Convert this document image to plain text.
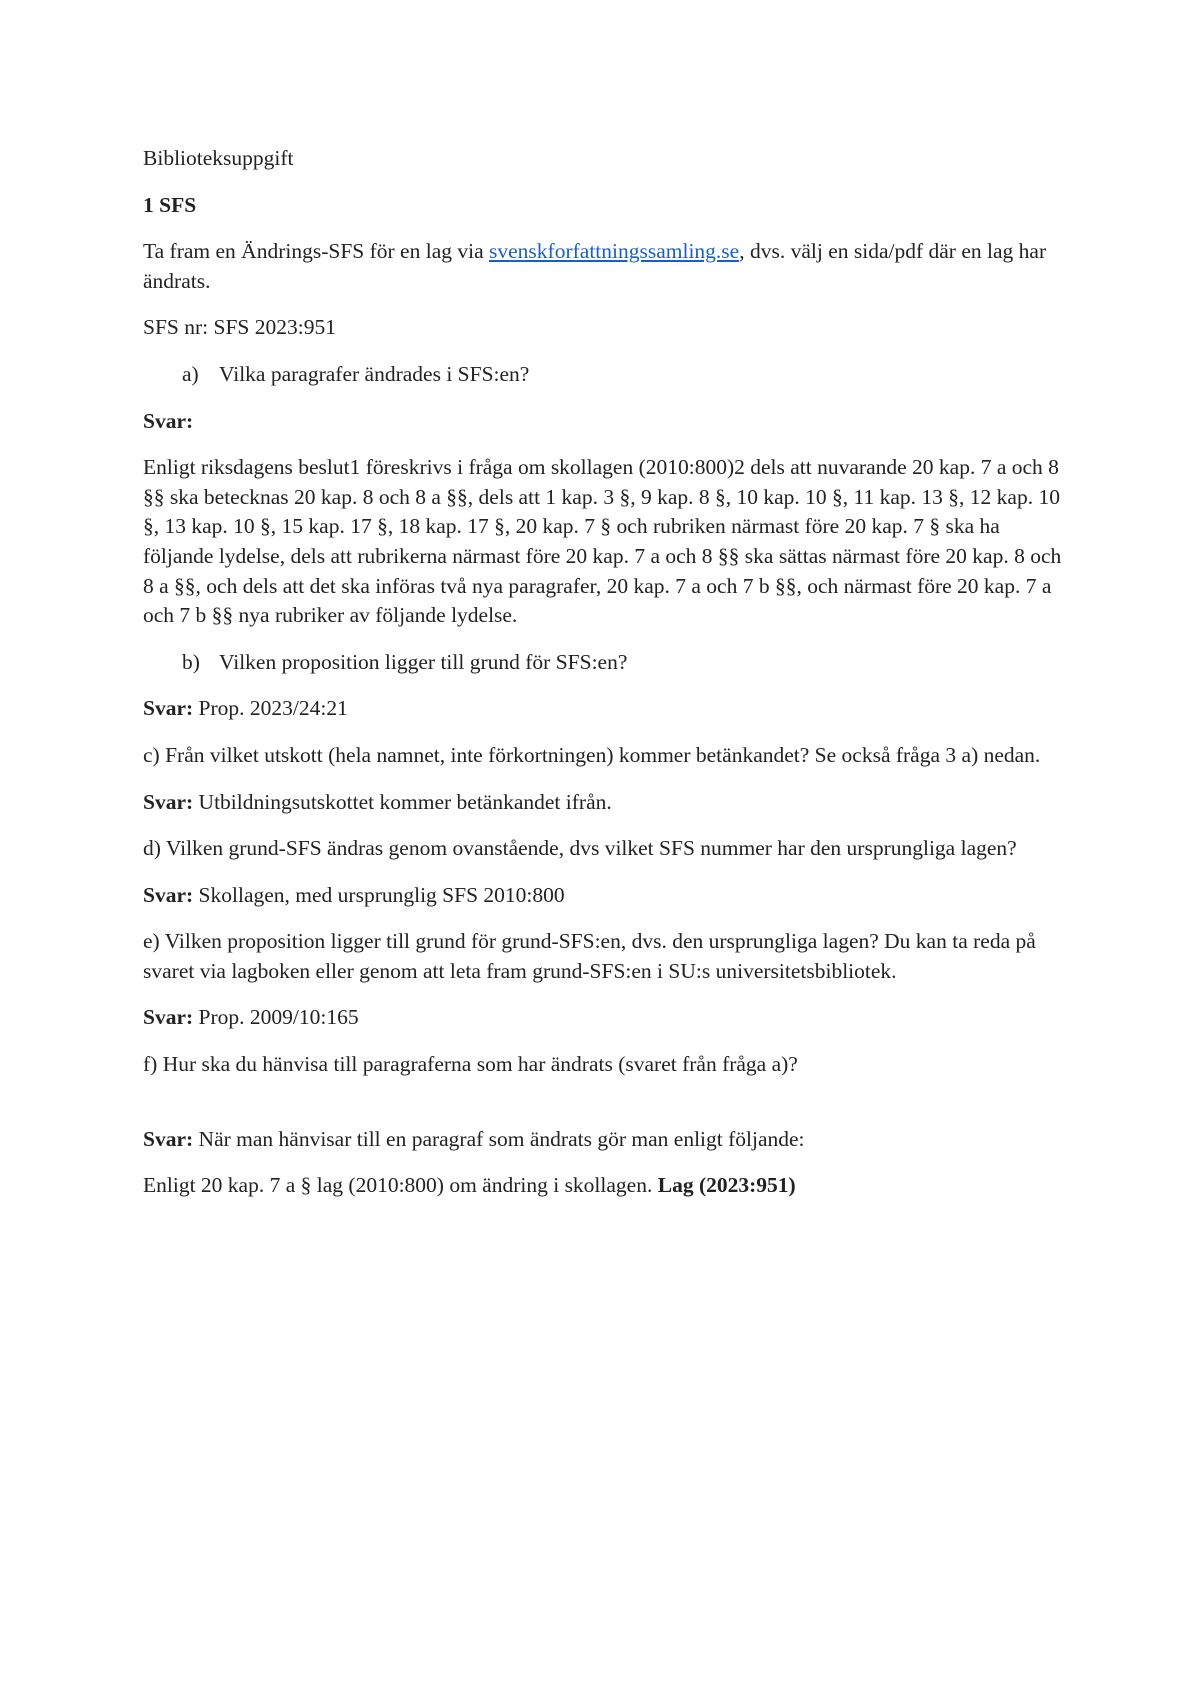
Biblioteksuppgift

1 SFS

Ta fram en Ändrings-SFS för en lag via svenskforfattningssamling.se, dvs. välj en sida/pdf där en lag har ändrats.

SFS nr: SFS 2023:951

a) Vilka paragrafer ändrades i SFS:en?

Svar:

Enligt riksdagens beslut1 föreskrivs i fråga om skollagen (2010:800)2 dels att nuvarande 20 kap. 7 a och 8 §§ ska betecknas 20 kap. 8 och 8 a §§, dels att 1 kap. 3 §, 9 kap. 8 §, 10 kap. 10 §, 11 kap. 13 §, 12 kap. 10 §, 13 kap. 10 §, 15 kap. 17 §, 18 kap. 17 §, 20 kap. 7 § och rubriken närmast före 20 kap. 7 § ska ha följande lydelse, dels att rubrikerna närmast före 20 kap. 7 a och 8 §§ ska sättas närmast före 20 kap. 8 och 8 a §§, och dels att det ska införas två nya paragrafer, 20 kap. 7 a och 7 b §§, och närmast före 20 kap. 7 a och 7 b §§ nya rubriker av följande lydelse.

b) Vilken proposition ligger till grund för SFS:en?

Svar: Prop. 2023/24:21

c) Från vilket utskott (hela namnet, inte förkortningen) kommer betänkandet? Se också fråga 3 a) nedan.

Svar: Utbildningsutskottet kommer betänkandet ifrån.

d) Vilken grund-SFS ändras genom ovanstående, dvs vilket SFS nummer har den ursprungliga lagen?

Svar: Skollagen, med ursprunglig SFS 2010:800

e) Vilken proposition ligger till grund för grund-SFS:en, dvs. den ursprungliga lagen? Du kan ta reda på svaret via lagboken eller genom att leta fram grund-SFS:en i SU:s universitetsbibliotek.

Svar: Prop. 2009/10:165

f) Hur ska du hänvisa till paragraferna som har ändrats (svaret från fråga a)?

Svar: När man hänvisar till en paragraf som ändrats gör man enligt följande:

Enligt 20 kap. 7 a § lag (2010:800) om ändring i skollagen. Lag (2023:951)
